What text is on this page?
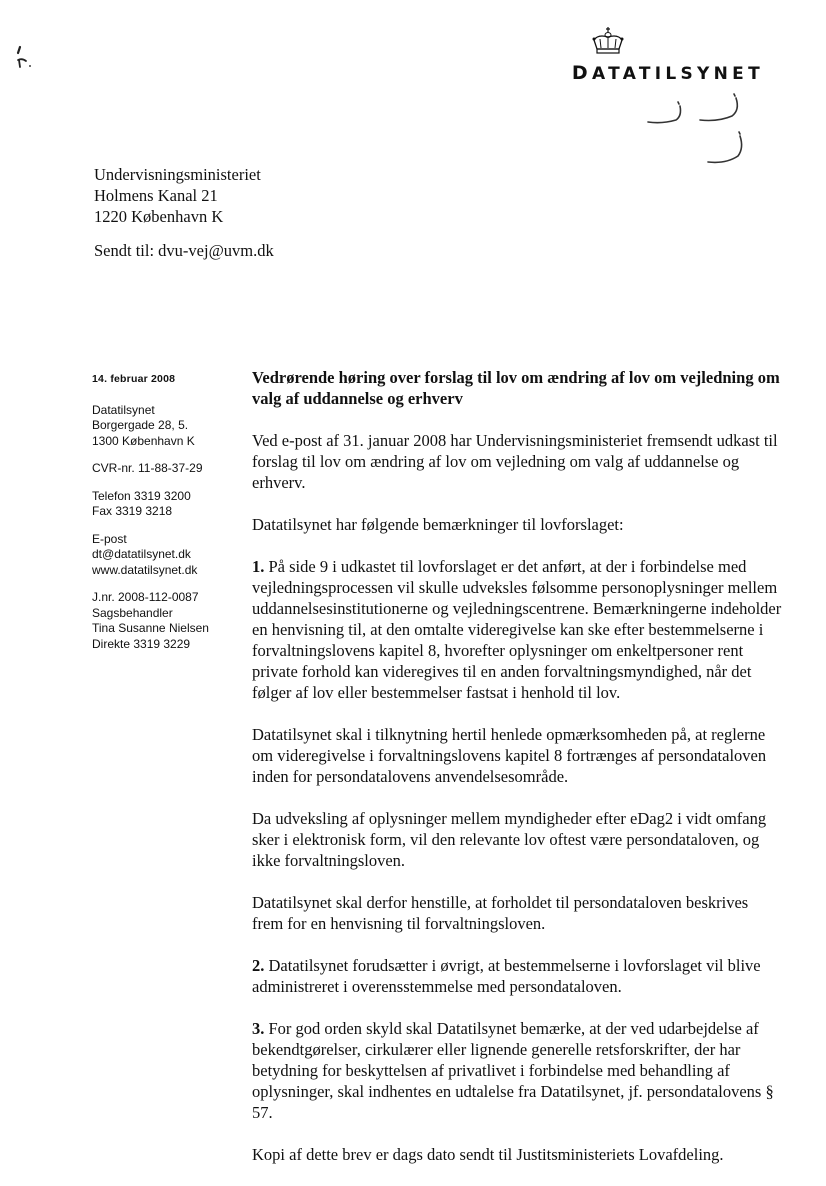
DATATILSYNET
Undervisningsministeriet
Holmens Kanal 21
1220 København K
Sendt til: dvu-vej@uvm.dk
14. februar 2008
Datatilsynet
Borgergade 28, 5.
1300 København K
CVR-nr. 11-88-37-29
Telefon 3319 3200
Fax 3319 3218
E-post
dt@datatilsynet.dk
www.datatilsynet.dk
J.nr. 2008-112-0087
Sagsbehandler
Tina Susanne Nielsen
Direkte 3319 3229
Vedrørende høring over forslag til lov om ændring af lov om vejledning om valg af uddannelse og erhverv

Ved e-post af 31. januar 2008 har Undervisningsministeriet fremsendt udkast til forslag til lov om ændring af lov om vejledning om valg af uddannelse og erhverv.

Datatilsynet har følgende bemærkninger til lovforslaget:

1. På side 9 i udkastet til lovforslaget er det anført, at der i forbindelse med vejledningsprocessen vil skulle udveksles følsomme personoplysninger mellem uddannelsesinstitutionerne og vejledningscentrene. Bemærkningerne indeholder en henvisning til, at den omtalte videregivelse kan ske efter bestemmelserne i forvaltningslovens kapitel 8, hvorefter oplysninger om enkeltpersoner rent private forhold kan videregives til en anden forvaltningsmyndighed, når det følger af lov eller bestemmelser fastsat i henhold til lov.

Datatilsynet skal i tilknytning hertil henlede opmærksomheden på, at reglerne om videregivelse i forvaltningslovens kapitel 8 fortrænges af persondataloven inden for persondatalovens anvendelsesområde.

Da udveksling af oplysninger mellem myndigheder efter eDag2 i vidt omfang sker i elektronisk form, vil den relevante lov oftest være persondataloven, og ikke forvaltningsloven.

Datatilsynet skal derfor henstille, at forholdet til persondataloven beskrives frem for en henvisning til forvaltningsloven.

2. Datatilsynet forudsætter i øvrigt, at bestemmelserne i lovforslaget vil blive administreret i overensstemmelse med persondataloven.

3. For god orden skyld skal Datatilsynet bemærke, at der ved udarbejdelse af bekendtgørelser, cirkulærer eller lignende generelle retsforskrifter, der har betydning for beskyttelsen af privatlivet i forbindelse med behandling af oplysninger, skal indhentes en udtalelse fra Datatilsynet, jf. persondatalovens § 57.

Kopi af dette brev er dags dato sendt til Justitsministeriets Lovafdeling.
